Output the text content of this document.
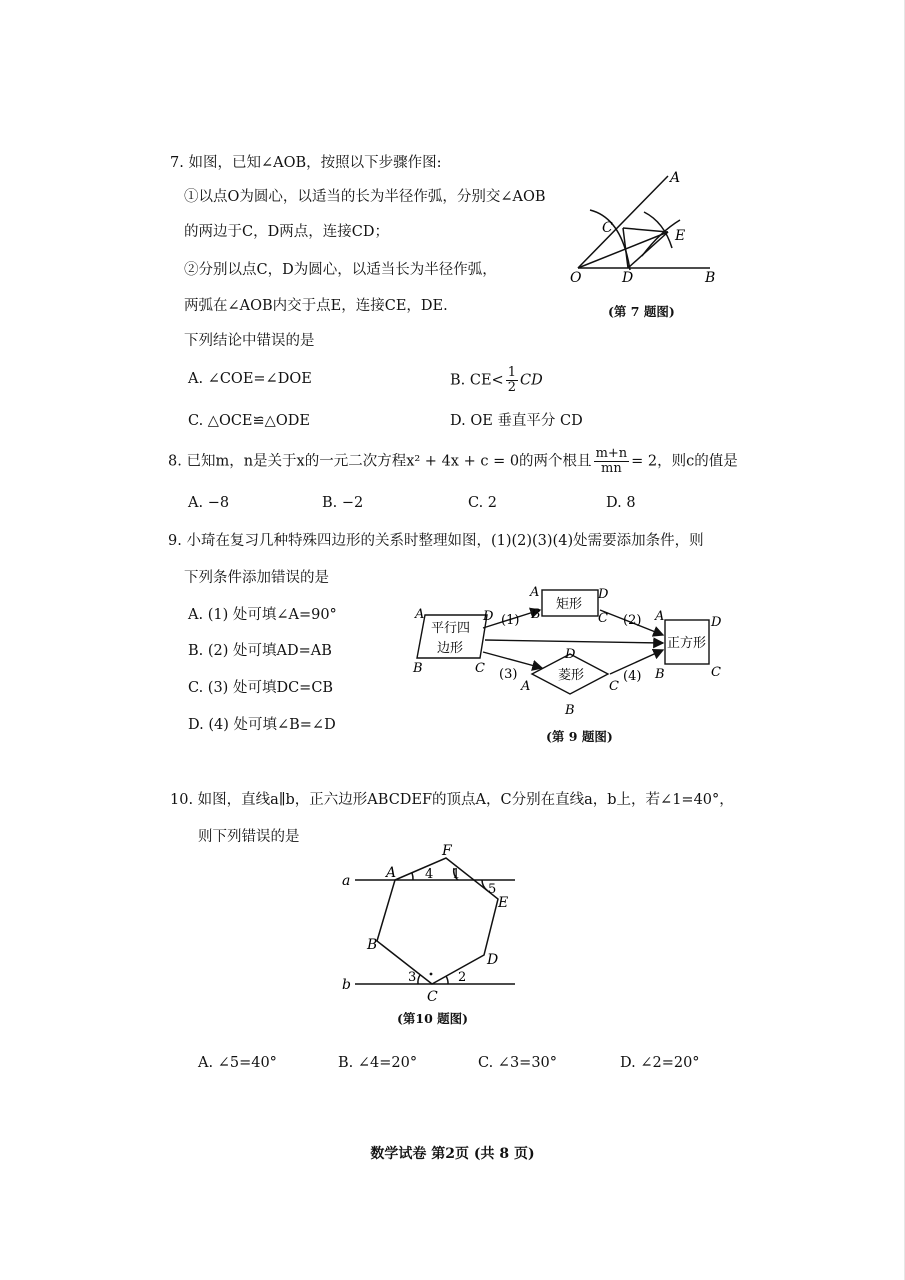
7. 如图，已知∠AOB，按照以下步骤作图:
①以点O为圆心，以适当的长为半径作弧，分别交∠AOB
的两边于C，D两点，连接CD；
②分别以点C，D为圆心，以适当长为半径作弧，
两弧在∠AOB内交于点E，连接CE，DE.
下列结论中错误的是
A. ∠COE=∠DOE	B. $CE< \frac{1}{2}$ CD
C. △OCE≌△ODE	D. OE 垂直平分 CD
A
C	E
O	D	B
(第 7 题图)
8. 已知m，n是关于x的一元二次方程x² + 4x + c = 0的两个根且 $\frac{m+n}{mn} = 2$，则c的值是
A. −8	B. −2	C. 2	D. 8
9. 小琦在复习几种特殊四边形的关系时整理如图，(1)(2)(3)(4)处需要添加条件，则
下列条件添加错误的是
A. (1) 处可填∠A=90°
B. (2) 处可填AD=AB
C. (3) 处可填DC=CB
D. (4) 处可填∠B=∠D
A	D
B	C
A	D
B	C
D
A	C
B
A	D
B	C
平行四
边形
矩形
菱形
正方形
(1)	(2)
(3)	(4)
(第 9 题图)
10. 如图，直线a∥b，正六边形ABCDEF的顶点A，C分别在直线a，b上，若∠1=40°，
则下列错误的是
a
b
A
F
E
D
C
B
4 1
5
3	2
(第10 题图)
A. ∠5=40°	B. ∠4=20°	C. ∠3=30°	D. ∠2=20°
数学试卷 第2页 (共 8 页)
